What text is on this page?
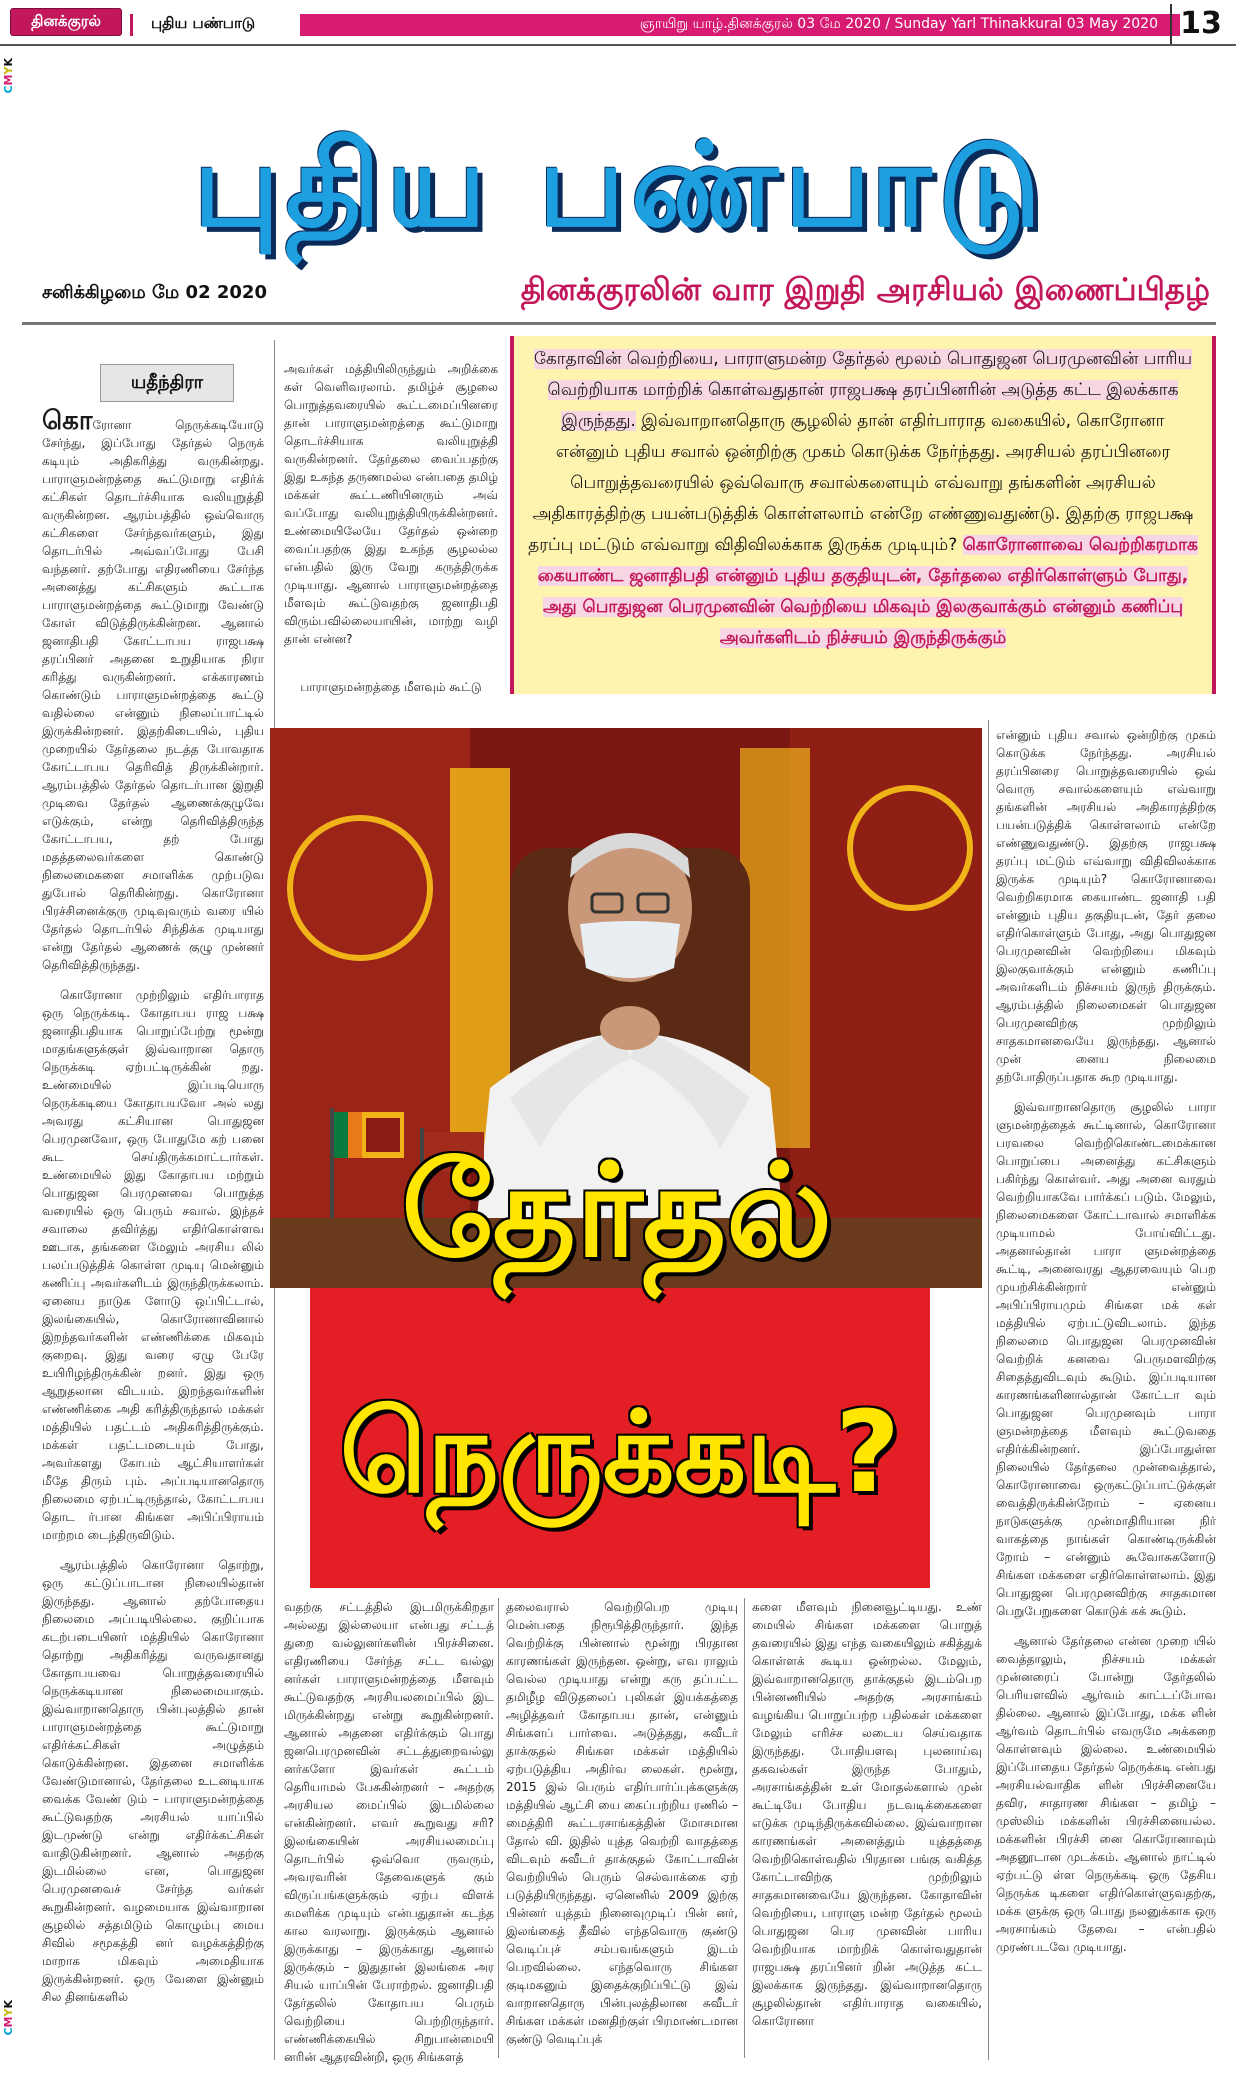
தினக்குரல்	புதிய பண்பாடு	ஞாயிறு யாழ்.தினக்குரல் 03 மே 2020 / Sunday Yarl Thinakkural 03 May 2020 13
CMYK
CMYK
புதிய பண்பாடு
சனிக்கிழமை மே 02 2020	தினக்குரலின் வார இறுதி அரசியல் இணைப்பிதழ்
யதீந்திரா

கொரோனா நெருக்கடியோடு சேர்ந்து, இப்போது தேர்தல் நெருக் கடியும் அதிகரித்து வருகின்றது. பாராளுமன்றத்தை கூட்டுமாறு எதிர்க் கட்சிகள் தொடர்ச்சியாக வலியுறுத்தி வருகின்றன. ஆரம்பத்தில் ஒவ்வொரு கட்சிகளை சேர்ந்தவர்களும், இது தொடர்பில் அவ்வப்போது பேசி வந்தனர். தற்போது எதிரணியை சேர்ந்த அனைத்து கட்சிகளும் கூட்டாக பாராளுமன்றத்தை கூட்டுமாறு வேண்டு கோள் விடுத்திருக்கின்றன. ஆனால் ஜனாதிபதி கோட்டாபய ராஜபக்ஷ தரப்பினர் அதனை உறுதியாக நிரா கரித்து வருகின்றனர். எக்காரணம் கொண்டும் பாராளுமன்றத்தை கூட்டு வதில்லை என்னும் நிலைப்பாட்டில் இருக்கின்றனர். இதற்கிடையில், புதிய முறையில் தேர்தலை நடத்த போவதாக கோட்டாபய தெரிவித் திருக்கின்றார். ஆரம்பத்தில் தேர்தல் தொடர்பான இறுதி முடிவை தேர்தல் ஆணைக்குழுவே எடுக்கும், என்று தெரிவித்திருந்த கோட்டாபய, தற் போது மதத்தலைவர்களை கொண்டு நிலைமைகளை சமாளிக்க முற்படுவ துபோல் தெரிகின்றது. கொரோனா பிரச்சினைக்குரு முடிவுவரும் வரை யில் தேர்தல் தொடர்பில் சிந்திக்க முடியாது என்று தேர்தல் ஆணைக் குழு முன்னர் தெரிவித்திருந்தது.

கொரோனா முற்றிலும் எதிர்பாராத ஒரு நெருக்கடி. கோதாபய ராஜ பக்ஷ ஜனாதிபதியாக பொறுப்பேற்று மூன்று மாதங்களுக்குள் இவ்வாறான தொரு நெருக்கடி ஏற்பட்டிருக்கின் றது. உண்மையில் இப்படியொரு நெருக்கடியை கோதாபயவோ அல் லது அவரது கட்சியான பொதுஜன பெரமுனவோ, ஒரு போதுமே கற் பனை கூட செய்திருக்கமாட்டார்கள். உண்மையில் இது கோதாபய மற்றும் பொதுஜன பெரமுனவை பொறுத்த வரையில் ஒரு பெரும் சவால். இந்தச் சவாலை தவிர்த்து எதிர்கொள்ளவ ஊடாக, தங்களை மேலும் அரசிய லில் பலப்படுத்திக் கொள்ள முடியு மென்னும் கணிப்பு அவர்களிடம் இருந்திருக்கலாம். ஏனைய நாடுக ளோடு ஒப்பிட்டால், இலங்கையில், கொரோனாவினால் இறந்தவர்களின் எண்ணிக்கை மிகவும் குறைவு. இது வரை ஏழு பேரே உயிரிழந்திருக்கின் றனர். இது ஒரு ஆறுதலான விடயம். இறந்தவர்களின் எண்ணிக்கை அதி கரித்திருந்தால் மக்கள் மத்தியில் பதட்டம் அதிகரித்திருக்கும். மக்கள் பதட்டமடையும் போது, அவர்களது கோபம் ஆட்சியாளர்கள் மீதே திரும் பும். அப்படியானதொரு நிலைமை ஏற்பட்டிருந்தால், கோட்டாபய தொட ர்பான கிங்கள அபிப்பிராயம் மாற்றம டைந்திருவிடும்.

ஆரம்பத்தில் கொரோனா தொற்று, ஒரு கட்டுப்பாடான நிலையில்தான் இருந்தது. ஆனால் தற்போதைய நிலைமை அப்படியில்லை. குறிப்பாக கடற்படையினர் மத்தியில் கொரோனா தொற்று அதிகரித்து வருவதானது கோதாபயவை பொறுத்தவரையில் நெருக்கடியான நிலைமையாகும். இவ்வாறானதொரு பின்புலத்தில் தான் பாராளுமன்றத்தை கூட்டுமாறு எதிர்க்கட்சிகள் அழுத்தம் கொடுக்கின்றன. இதனை சமாளிக்க வேண்டுமானால், தேர்தலை உடனடியாக வைக்க வேண் டும் – பாராளுமன்றத்தை கூட்டுவதற்கு அரசியல் யாப்பில் இடமுண்டு என்று எதிர்க்கட்சிகள் வாதிடுகின்றனர். ஆனால் அதற்கு இடமில்லை என, பொதுஜன பெரமுனவைச் சேர்ந்த வர்கள் கூறுகின்றனர். வழமையாக இவ்வாறான சூழலில் சத்தமிடும் கொழும்பு மைய சிவில் சமூகத்தி னர் வழக்கத்திற்கு மாறாக மிகவும் அமைதியாக இருக்கின்றனர். ஒரு வேளை இன்னும் சில தினங்களில்

அவர்கள் மத்தியிலிருந்தும் அறிக்கை கள் வெளிவரலாம். தமிழ்ச் சூழலை பொறுத்தவரையில் கூட்டமைப்பினரை தான் பாராளுமன்றத்தை கூட்டுமாறு தொடர்ச்சியாக வலியுறுத்தி வருகின்றனர். தேர்தலை வைப்பதற்கு இது உகந்த தருணமல்ல என்பதை தமிழ் மக்கள் கூட்டணியினரும் அவ் வப்போது வலியுறுத்தியிருக்கின்றனர். உண்மையிலேயே தேர்தல் ஒன்றை வைப்பதற்கு இது உகந்த சூழலல்ல என்பதில் இரு வேறு கருத்திருக்க முடியாது. ஆனால் பாராளுமன்றத்தை மீளவும் கூட்டுவதற்கு ஜனாதிபதி விரும்பவில்லையாயின், மாற்று வழி தான் என்ன?

பாராளுமன்றத்தை மீளவும் கூட்டு

கோதாவின் வெற்றியை, பாராளுமன்ற தேர்தல் மூலம் பொதுஜன பெரமுனவின் பாரிய வெற்றியாக மாற்றிக் கொள்வதுதான் ராஜபக்ஷ தரப்பினரின் அடுத்த கட்ட இலக்காக இருந்தது. இவ்வாறானதொரு சூழலில் தான் எதிர்பாராத வகையில், கொரோனா என்னும் புதிய சவால் ஒன்றிற்கு முகம் கொடுக்க நேர்ந்தது. அரசியல் தரப்பினரை பொறுத்தவரையில் ஒவ்வொரு சவால்களையும் எவ்வாறு தங்களின் அரசியல் அதிகாரத்திற்கு பயன்படுத்திக் கொள்ளலாம் என்றே எண்ணுவதுண்டு. இதற்கு ராஜபக்ஷ தரப்பு மட்டும் எவ்வாறு விதிவிலக்காக இருக்க முடியும்? கொரோனாவை வெற்றிகரமாக கையாண்ட ஜனாதிபதி என்னும் புதிய தகுதியுடன், தேர்தலை எதிர்கொள்ளும் போது, அது பொதுஜன பெரமுனவின் வெற்றியை மிகவும் இலகுவாக்கும் என்னும் கணிப்பு அவர்களிடம் நிச்சயம் இருந்திருக்கும்

என்னும் புதிய சவால் ஒன்றிற்கு முகம் கொடுக்க நேர்ந்தது. அரசியல் தரப்பினரை பொறுத்தவரையில் ஒவ் வொரு சவால்களையும் எவ்வாறு தங்களின் அரசியல் அதிகாரத்திற்கு பயன்படுத்திக் கொள்ளலாம் என்றே எண்ணுவதுண்டு. இதற்கு ராஜபக்ஷ தரப்பு மட்டும் எவ்வாறு விதிவிலக்காக இருக்க முடியும்? கொரோனாவை வெற்றிகரமாக கையாண்ட ஜனாதி பதி என்னும் புதிய தகுதியுடன், தேர் தலை எதிர்கொள்ளும் போது, அது பொதுஜன பெரமுனவின் வெற்றியை மிகவும் இலகுவாக்கும் என்னும் கணிப்பு அவர்களிடம் நிச்சயம் இருந் திருக்கும். ஆரம்பத்தில் நிலைமைகள் பொதுஜன பெரமுனவிற்கு முற்றிலும் சாதகமானவையே இருந்தது. ஆனால் முன் னைய நிலைமை தற்போதிருப்பதாக கூற முடியாது.

இவ்வாறானதொரு சூழலில் பாரா ளுமன்றத்தைக் கூட்டினால், கொரோனா பரவலை வெற்றிகொண்டமைக்கான பொறுப்பை அனைத்து கட்சிகளும் பகிர்ந்து கொள்வர். அது அனை வரதும் வெற்றியாகவே பார்க்கப் படும். மேலும், நிலைமைகளை கோட்டாவால் சமாளிக்க முடியாமல் போய்விட்டது. அதனால்தான் பாரா ளுமன்றத்தை கூட்டி, அனைவரது ஆதரவையும் பெற முயற்சிக்கின்றார் என்னும் அபிப்பிராயமும் சிங்கள மக் கள் மத்தியில் ஏற்பட்டுவிடலாம். இந்த நிலைமை பொதுஜன பெரமுனவின் வெற்றிக் கனவை பெருமளவிற்கு சிதைத்துவிடவும் கூடும். இப்படியான காரணங்களினால்தான் கோட்டா வும் பொதுஜன பெரமுனவும் பாரா ளுமன்றத்தை மீளவும் கூட்டுவதை எதிர்க்கின்றனர். இப்போதுள்ள நிலையில் தேர்தலை முன்வைத்தால், கொரோனாவை ஒருகட்டுப்பாட்டுக்குள் வைத்திருக்கின்றோம் – ஏனைய நாடுகளுக்கு முன்மாதிரியான நிர் வாகத்தை நாங்கள் கொண்டிருக்கின் றோம் – என்னும் கூவோசுகளோடு சிங்கள மக்களை எதிர்கொள்ளலாம். இது பொதுஜன பெரமுனவிற்கு சாதகமான பெறுபேறுகளை கொடுக் கக் கூடும்.

ஆனால் தேர்தலை என்ன முறை யில் வைத்தாலும், நிச்சயம் மக்கள் முன்னரைப் போன்று தேர்தலில் பெரியளவில் ஆர்வம் காட்டப்போவ தில்லை. ஆனால் இப்போது, மக்க ளின் ஆர்வம் தொடர்பில் எவருமே அக்கறை கொள்ளவும் இல்லை. உண்மையில் இப்போதைய தேர்தல் நெருக்கடி என்பது அரசியல்வாதிக ளின் பிரச்சினையே தவிர, சாதாரண சிங்கள – தமிழ் – முஸ்லிம் மக்களின் பிரச்சினையல்ல. மக்களின் பிரச்சி னை கொரோனாவும் அதனூடான முடக்கம். ஆனால் நாட்டில் ஏற்பட்டு ள்ள நெருக்கடி ஒரு தேசிய நெருக்க டிகளை எதிர்கொள்ளுவதற்கு, மக்க ளுக்கு ஒரு பொது நலனுக்காக ஒரு அரசாங்கம் தேவை – என்பதில் முரண்படவே முடியாது.

தேர்தல்
நெருக்கடி?

வதற்கு சட்டத்தில் இடமிருக்கிறதா அல்லது இல்லையா என்பது சட்டத் துறை வல்லுனர்களின் பிரச்சினை. எதிரணியை சேர்ந்த சட்ட வல்லு னர்கள் பாராளுமன்றத்தை மீளவும் கூட்டுவதற்கு அரசியலமைப்பில் இட மிருக்கின்றது என்று கூறுகின்றனர். ஆனால் அதனை எதிர்க்கும் பொது ஜனபெரமுனவின் சட்டத்துறைவல்லு னர்களோ இவர்கள் கூட்டம் தெரியாமல் பேசுகின்றனர் – அதற்கு அரசியல மைப்பில் இடமில்லை என்கின்றனர். எவர் கூறுவது சரி? இலங்கையின் அரசியலமைப்பு தொடர்பில் ஒவ்வொ ருவரும், அவரவரின் தேவைகளுக் கும் விருப்பங்களுக்கும் ஏற்ப விளக் கமளிக்க முடியும் என்பதுதான் கடந்த கால வரலாறு. இருக்கும் ஆனால் இருக்காது – இருக்காது ஆனால் இருக்கும் – இதுதான் இலங்கை அர சியல் யாப்பின் பேராற்றல். ஜனாதிபதி தேர்தலில் கோதாபய பெரும் வெற்றியை பெற்றிருந்தார். எண்ணிக்கையில் சிறுபான்மையி னரின் ஆதரவின்றி, ஒரு சிங்களத்

தலைவரால் வெற்றிபெற முடியு மென்பதை நிரூபித்திருந்தார். இந்த வெற்றிக்கு பின்னால் மூன்று பிரதான காரணங்கள் இருந்தன. ஒன்று, எவ ராலும் வெல்ல முடியாது என்று கரு தப்பட்ட தமிழீழ விடுதலைப் புலிகள் இயக்கத்தை அழித்தவர் கோதாபய தான், என்னும் சிங்களப் பார்வை. அடுத்தது, சுவீடர் தாக்குதல் சிங்கள மக்கள் மத்தியில் ஏற்படுத்திய அதிர்வ லைகள். மூன்று, 2015 இல் பெரும் எதிர்பார்ப்புக்களுக்கு மத்தியில் ஆட்சி யை கைப்பற்றிய ரணில் – மைத்திரி கூட்டரசாங்கத்தின் மோசமான தோல் வி. இதில் யுத்த வெற்றி வாதத்தை விடவும் சுவீடர் தாக்குதல் கோட்டாவின் வெற்றியில் பெரும் செல்வாக்கை ஏற் படுத்தியிருந்தது. ஏனெனில் 2009 இற்கு பின்னர் யுத்தம் நினைவுமுடிப் பின் னர், இலங்கைத் தீவில் எந்தவொரு குண்டு வெடிப்புச் சம்பவங்களும் இடம் பெறவில்லை. எந்தவொரு சிங்கள குடிமகனும் இதைக்குறிப்பிட்டு இவ் வாறானதொரு பின்புலத்திலான சுவீடர் சிங்கள மக்கள் மனதிற்குள் பிரமாண்டமான குண்டு வெடிப்புக்

களை மீளவும் நினைவூட்டியது. உண் மையில் சிங்கள மக்களை பொறுத் தவரையில் இது எந்த வகையிலும் சகித்துக் கொள்ளக் கூடிய ஒன்றல்ல. மேலும், இவ்வாறானதொரு தாக்குதல் இடம்பெற பின்னணியில் அதற்கு அரசாங்கம் வழங்கிய பொறுப்பற்ற பதில்கள் மக்களை மேலும் எரிச்ச லடைய செய்வதாக இருந்தது. போதியளவு புலனாய்வு தகவல்கள் இருந்த போதும், அரசாங்கத்தின் உள் மோதல்களால் முன் கூட்டியே போதிய நடவடிக்கைகளை எடுக்க முடிந்திருக்கவில்லை. இவ்வாறான காரணங்கள் அனைத்தும் யுத்தத்தை வெற்றிகொள்வதில் பிரதான பங்கு வகித்த கோட்டாவிற்கு முற்றிலும் சாதகமானவையே இருந்தன. கோதாவின் வெற்றியை, பாராளு மன்ற தேர்தல் மூலம் பொதுஜன பெர முனவின் பாரிய வெற்றியாக மாற்றிக் கொள்வதுதான் ராஜபக்ஷ தரப்பினர் றின் அடுத்த கட்ட இலக்காக இருந்தது. இவ்வாறானதொரு சூழலில்தான் எதிர்பாராத வகையில், கொரோனா
